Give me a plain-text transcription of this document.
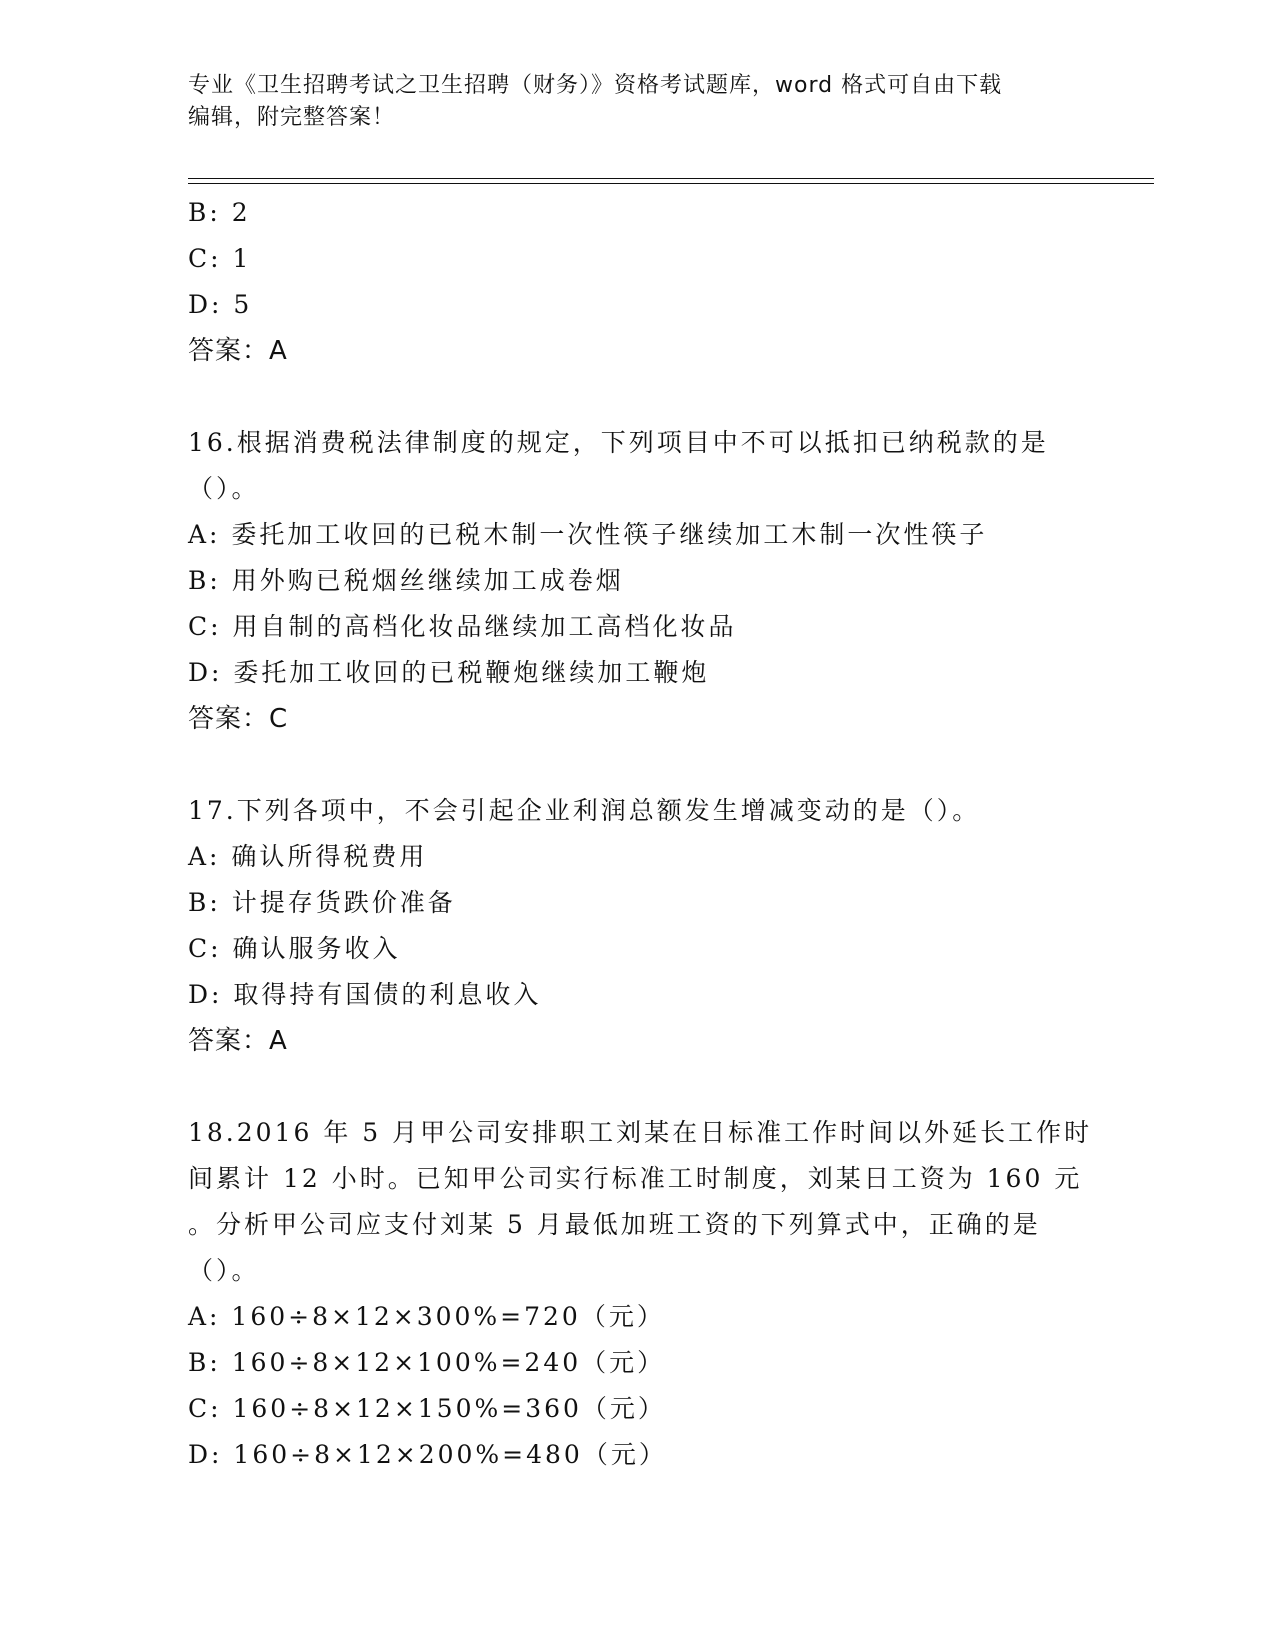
专业《卫生招聘考试之卫生招聘（财务）》资格考试题库，word 格式可自由下载
编辑，附完整答案！
B: 2
C: 1
D: 5
答案：A
16.根据消费税法律制度的规定，下列项目中不可以抵扣已纳税款的是
（）。
A: 委托加工收回的已税木制一次性筷子继续加工木制一次性筷子
B: 用外购已税烟丝继续加工成卷烟
C: 用自制的高档化妆品继续加工高档化妆品
D: 委托加工收回的已税鞭炮继续加工鞭炮
答案：C
17.下列各项中，不会引起企业利润总额发生增减变动的是（）。
A: 确认所得税费用
B: 计提存货跌价准备
C: 确认服务收入
D: 取得持有国债的利息收入
答案：A
18.2016 年 5 月甲公司安排职工刘某在日标准工作时间以外延长工作时
间累计 12 小时。已知甲公司实行标准工时制度，刘某日工资为 160 元
。分析甲公司应支付刘某 5 月最低加班工资的下列算式中，正确的是
（）。
A: 160÷8×12×300%=720（元）
B: 160÷8×12×100%=240（元）
C: 160÷8×12×150%=360（元）
D: 160÷8×12×200%=480（元）
